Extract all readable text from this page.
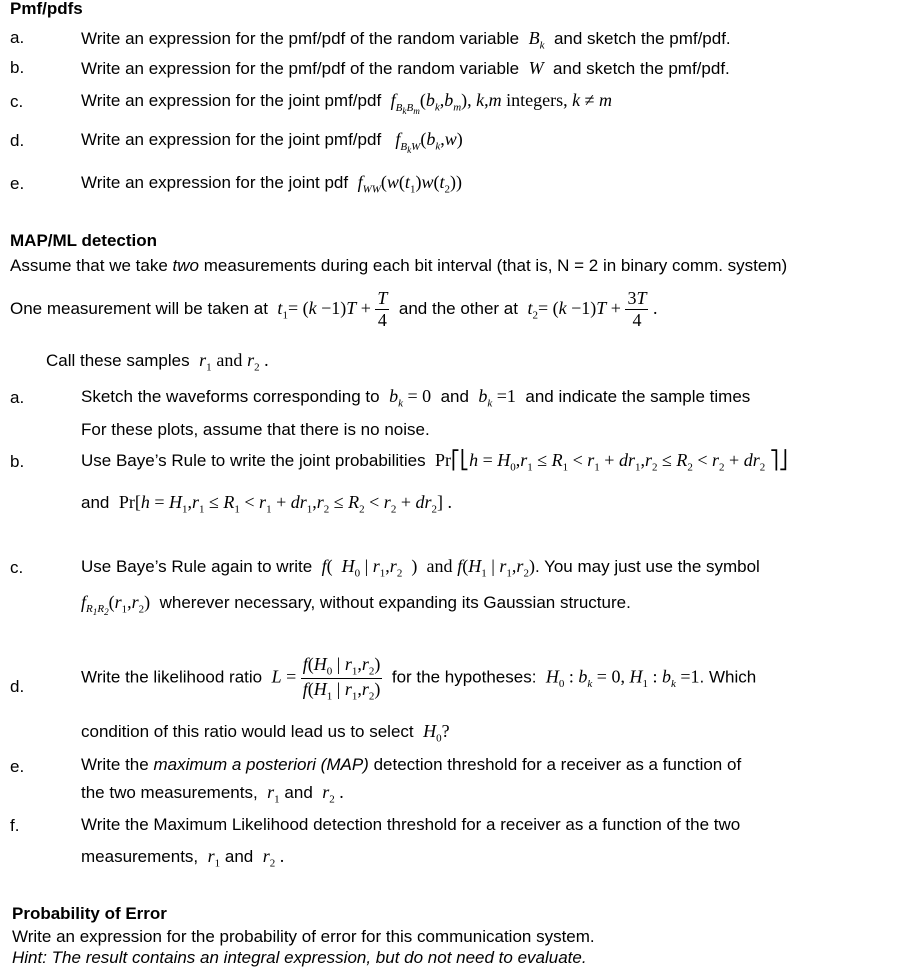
Pmf/pdfs
a.	Write an expression for the pmf/pdf of the random variable $B_k$ and sketch the pmf/pdf.
b.	Write an expression for the pmf/pdf of the random variable W and sketch the pmf/pdf.
c.	Write an expression for the joint pmf/pdf $f_{B_kB_m}(b_k,b_m)$, k,m integers, k ≠ m
d.	Write an expression for the joint pmf/pdf $f_{B_kW}(b_k,w)$
e.	Write an expression for the joint pdf $f_{WW}(w(t_1)w(t_2))$
MAP/ML detection
Assume that we take two measurements during each bit interval (that is, N = 2 in binary comm. system)
One measurement will be taken at $t_1= (k -1)T + \frac{T}{4}$ and the other at $t_2= (k -1)T + \frac{3T}{4}$ .
Call these samples $r_1$ and $r_2$ .
a.	Sketch the waveforms corresponding to $b_k = 0$ and $b_k =1$ and indicate the sample times
For these plots, assume that there is no noise.
b.	Use Baye’s Rule to write the joint probabilities Pr⎡⎣h = $H_0,r_1 \le R_1 < r_1 + dr_1,r_2 \le R_2 < r_2 + dr_2$ ⎤⎦
and $Pr[h = H_1,r_1 \le R_1 < r_1 + dr_1,r_2 \le R_2 < r_2 + dr_2]$ .
c.	Use Baye’s Rule again to write f(  $H_0$ | $r_1,r_2$  )  and $f(H_1$ | $r_1,r_2$). You may just use the symbol
$f_{R_1R_2}(r_1,r_2)$ wherever necessary, without expanding its Gaussian structure.
d.	Write the likelihood ratio $L = \frac{f(H_0 | r_1,r_2)}{f(H_1 | r_1,r_2)}$ for the hypotheses: $H_0$ : $b_k = 0$, $H_1$ : $b_k =1$. Which
condition of this ratio would lead us to select $H_0$?
e.	Write the maximum a posteriori (MAP) detection threshold for a receiver as a function of
the two measurements, $r_1$ and $r_2$ .
f.	Write the Maximum Likelihood detection threshold for a receiver as a function of the two
measurements, $r_1$ and $r_2$ .
Probability of Error
Write an expression for the probability of error for this communication system.
Hint: The result contains an integral expression, but do not need to evaluate.
